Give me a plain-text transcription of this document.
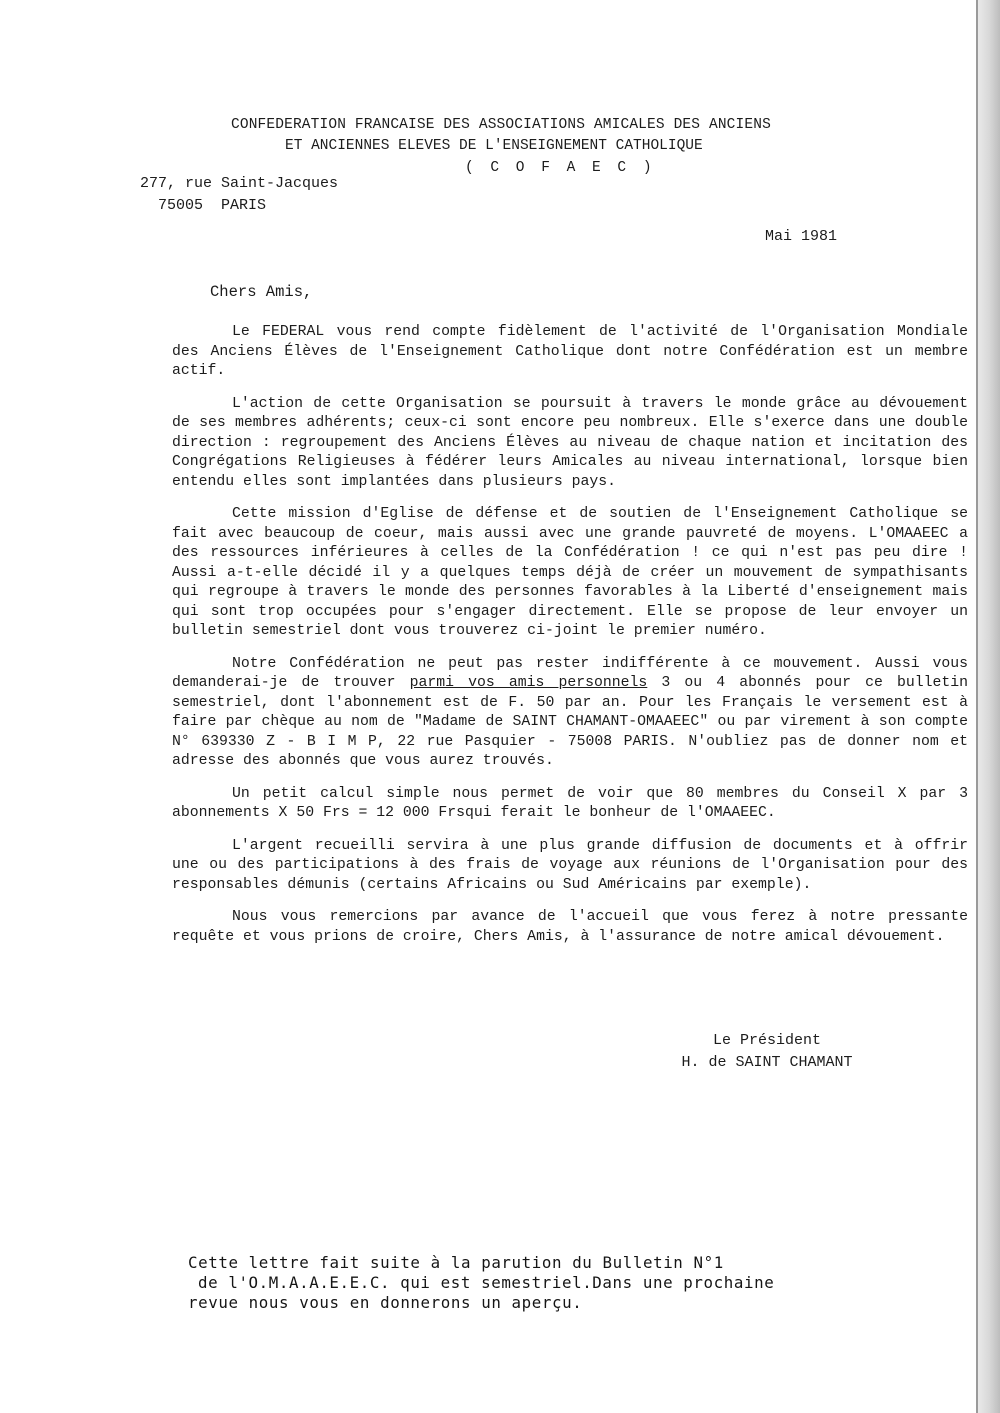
CONFEDERATION FRANCAISE DES ASSOCIATIONS AMICALES DES ANCIENS
ET ANCIENNES ELEVES DE L'ENSEIGNEMENT CATHOLIQUE
( C O F A E C )
277, rue Saint-Jacques
75005  PARIS
Mai 1981
Chers Amis,

Le FEDERAL vous rend compte fidèlement de l'activité de l'Organisation Mondiale des Anciens Élèves de l'Enseignement Catholique dont notre Confédération est un membre actif.

L'action de cette Organisation se poursuit à travers le monde grâce au dévouement de ses membres adhérents; ceux-ci sont encore peu nombreux. Elle s'exerce dans une double direction : regroupement des Anciens Élèves au niveau de chaque nation et incitation des Congrégations Religieuses à fédérer leurs Amicales au niveau international, lorsque bien entendu elles sont implantées dans plusieurs pays.

Cette mission d'Eglise de défense et de soutien de l'Enseignement Catholique se fait avec beaucoup de coeur, mais aussi avec une grande pauvreté de moyens. L'OMAAEEC a des ressources inférieures à celles de la Confédération ! ce qui n'est pas peu dire ! Aussi a-t-elle décidé il y a quelques temps déjà de créer un mouvement de sympathisants qui regroupe à travers le monde des personnes favorables à la Liberté d'enseignement mais qui sont trop occupées pour s'engager directement. Elle se propose de leur envoyer un bulletin semestriel dont vous trouverez ci-joint le premier numéro.

Notre Confédération ne peut pas rester indifférente à ce mouvement. Aussi vous demanderai-je de trouver parmi vos amis personnels 3 ou 4 abonnés pour ce bulletin semestriel, dont l'abonnement est de F. 50 par an. Pour les Français le versement est à faire par chèque au nom de "Madame de SAINT CHAMANT-OMAAEEC" ou par virement à son compte N° 639330 Z - B I M P, 22 rue Pasquier - 75008 PARIS. N'oubliez pas de donner nom et adresse des abonnés que vous aurez trouvés.

Un petit calcul simple nous permet de voir que 80 membres du Conseil X par 3 abonnements X 50 Frs = 12 000 Frsqui ferait le bonheur de l'OMAAEEC.

L'argent recueilli servira à une plus grande diffusion de documents et à offrir une ou des participations à des frais de voyage aux réunions de l'Organisation pour des responsables démunis (certains Africains ou Sud Américains par exemple).

Nous vous remercions par avance de l'accueil que vous ferez à notre pressante requête et vous prions de croire, Chers Amis, à l'assurance de notre amical dévouement.

Le Président
H. de SAINT CHAMANT
Cette lettre fait suite à la parution du Bulletin N°1
de l'O.M.A.A.E.E.C. qui est semestriel.Dans une prochaine
revue nous vous en donnerons un aperçu.
